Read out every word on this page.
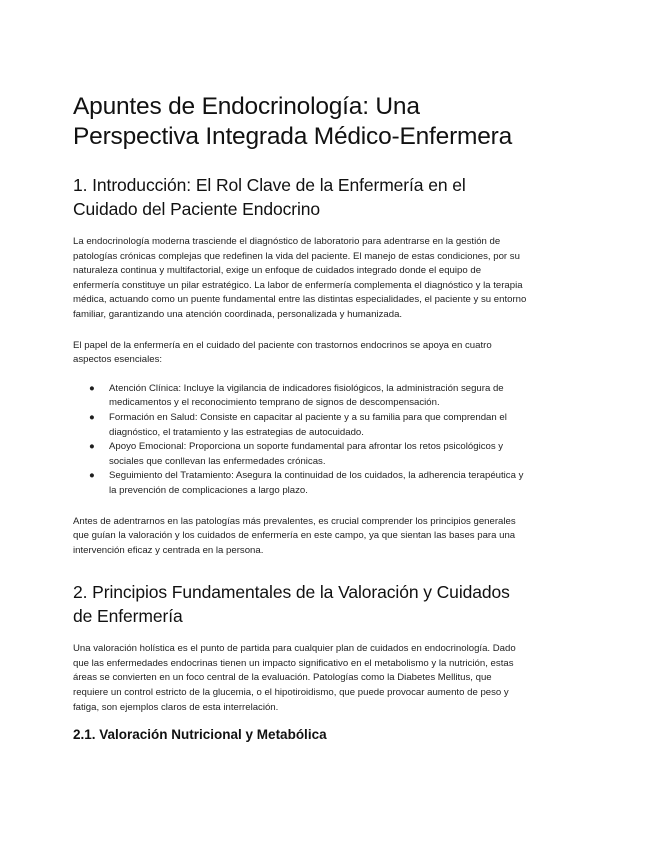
Apuntes de Endocrinología: Una Perspectiva Integrada Médico-Enfermera
1. Introducción: El Rol Clave de la Enfermería en el Cuidado del Paciente Endocrino

La endocrinología moderna trasciende el diagnóstico de laboratorio para adentrarse en la gestión de patologías crónicas complejas que redefinen la vida del paciente. El manejo de estas condiciones, por su naturaleza continua y multifactorial, exige un enfoque de cuidados integrado donde el equipo de enfermería constituye un pilar estratégico. La labor de enfermería complementa el diagnóstico y la terapia médica, actuando como un puente fundamental entre las distintas especialidades, el paciente y su entorno familiar, garantizando una atención coordinada, personalizada y humanizada.

El papel de la enfermería en el cuidado del paciente con trastornos endocrinos se apoya en cuatro aspectos esenciales:

● Atención Clínica: Incluye la vigilancia de indicadores fisiológicos, la administración segura de medicamentos y el reconocimiento temprano de signos de descompensación.
● Formación en Salud: Consiste en capacitar al paciente y a su familia para que comprendan el diagnóstico, el tratamiento y las estrategias de autocuidado.
● Apoyo Emocional: Proporciona un soporte fundamental para afrontar los retos psicológicos y sociales que conllevan las enfermedades crónicas.
● Seguimiento del Tratamiento: Asegura la continuidad de los cuidados, la adherencia terapéutica y la prevención de complicaciones a largo plazo.

Antes de adentrarnos en las patologías más prevalentes, es crucial comprender los principios generales que guían la valoración y los cuidados de enfermería en este campo, ya que sientan las bases para una intervención eficaz y centrada en la persona.

2. Principios Fundamentales de la Valoración y Cuidados de Enfermería

Una valoración holística es el punto de partida para cualquier plan de cuidados en endocrinología. Dado que las enfermedades endocrinas tienen un impacto significativo en el metabolismo y la nutrición, estas áreas se convierten en un foco central de la evaluación. Patologías como la Diabetes Mellitus, que requiere un control estricto de la glucemia, o el hipotiroidismo, que puede provocar aumento de peso y fatiga, son ejemplos claros de esta interrelación.

2.1. Valoración Nutricional y Metabólica
